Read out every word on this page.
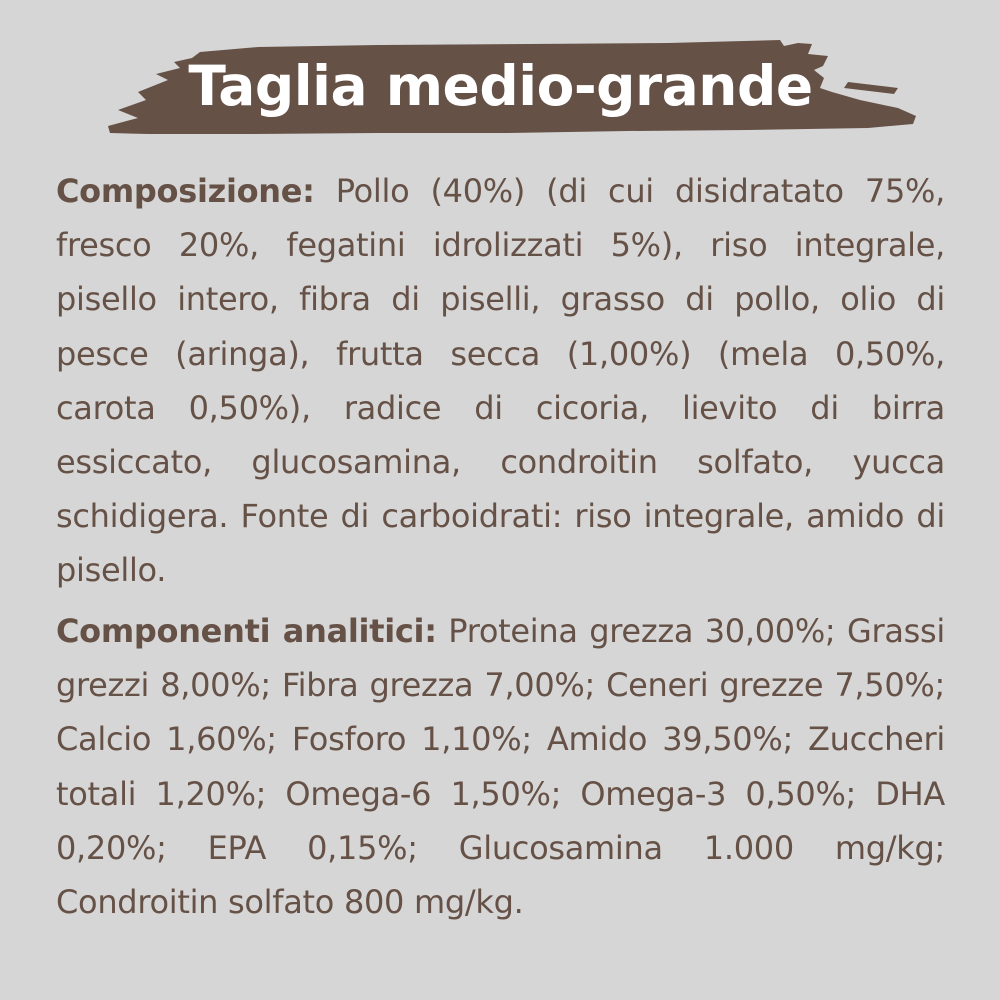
Taglia medio-grande

Composizione: Pollo (40%) (di cui disidratato 75%, fresco 20%, fegatini idrolizzati 5%), riso integrale, pisello intero, fibra di piselli, grasso di pollo, olio di pesce (aringa), frutta secca (1,00%) (mela 0,50%, carota 0,50%), radice di cicoria, lievito di birra essiccato, glucosamina, condroitin solfato, yucca schidigera. Fonte di carboidrati: riso integrale, amido di pisello.

Componenti analitici: Proteina grezza 30,00%; Grassi grezzi 8,00%; Fibra grezza 7,00%; Ceneri grezze 7,50%; Calcio 1,60%; Fosforo 1,10%; Amido 39,50%; Zuccheri totali 1,20%; Omega-6 1,50%; Omega-3 0,50%; DHA 0,20%; EPA 0,15%; Glucosamina 1.000 mg/kg; Condroitin solfato 800 mg/kg.
